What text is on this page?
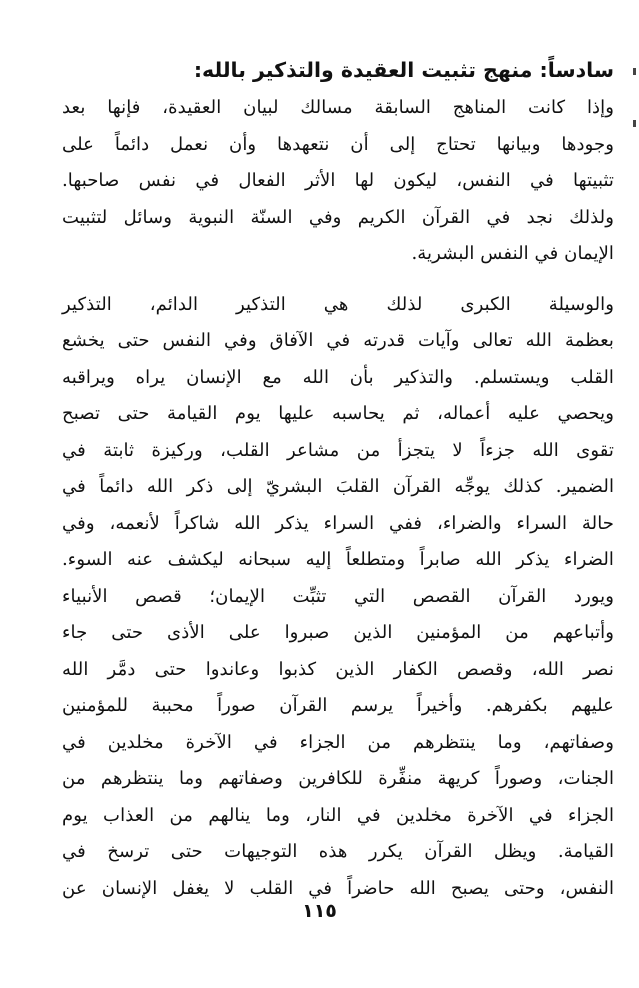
سادساً: منهج تثبيت العقيدة والتذكير بالله:
وإذا كانت المناهج السابقة مسالك لبيان العقيدة، فإنها بعد
وجودها وبيانها تحتاج إلى أن نتعهدها وأن نعمل دائماً على
تثبيتها في النفس، ليكون لها الأثر الفعال في نفس صاحبها.
ولذلك نجد في القرآن الكريم وفي السنّة النبوية وسائل لتثبيت
الإيمان في النفس البشرية.
والوسيلة الكبرى لذلك هي التذكير الدائم، التذكير
بعظمة الله تعالى وآيات قدرته في الآفاق وفي النفس حتى يخشع
القلب ويستسلم. والتذكير بأن الله مع الإنسان يراه ويراقبه
ويحصي عليه أعماله، ثم يحاسبه عليها يوم القيامة حتى تصبح
تقوى الله جزءاً لا يتجزأ من مشاعر القلب، وركيزة ثابتة في
الضمير. كذلك يوجِّه القرآن القلبَ البشريّ إلى ذكر الله دائماً في
حالة السراء والضراء، ففي السراء يذكر الله شاكراً لأنعمه، وفي
الضراء يذكر الله صابراً ومتطلعاً إليه سبحانه ليكشف عنه السوء.
ويورد القرآن القصص التي تثبِّت الإيمان؛ قصص الأنبياء
وأتباعهم من المؤمنين الذين صبروا على الأذى حتى جاء
نصر الله، وقصص الكفار الذين كذبوا وعاندوا حتى دمَّر الله
عليهم بكفرهم. وأخيراً يرسم القرآن صوراً محببة للمؤمنين
وصفاتهم، وما ينتظرهم من الجزاء في الآخرة مخلدين في
الجنات، وصوراً كريهة منفِّرة للكافرين وصفاتهم وما ينتظرهم من
الجزاء في الآخرة مخلدين في النار، وما ينالهم من العذاب يوم
القيامة. ويظل القرآن يكرر هذه التوجيهات حتى ترسخ في
النفس، وحتى يصبح الله حاضراً في القلب لا يغفل الإنسان عن
١١٥
